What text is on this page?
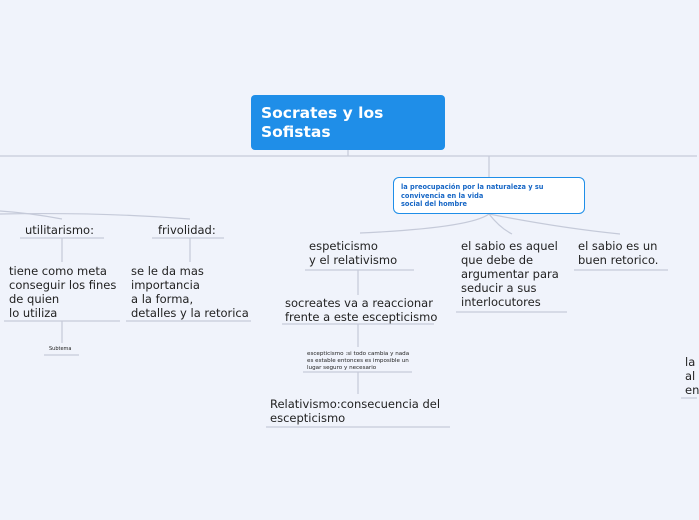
Socrates y los Sofistas
la preocupación por la naturaleza y su
convivencia en la vida
social del hombre
utilitarismo:
tiene como meta
conseguir los fines
de quien
lo utiliza
Subtema
frivolidad:
se le da mas
importancia
a la forma,
detalles y la retorica
espeticismo
y el relativismo
socreates va a reaccionar
frente a este escepticismo
escepticismo :si todo cambia y nada
es estable entonces es imposible un
lugar seguro y necesario
Relativismo:consecuencia del
escepticismo
el sabio es aquel
que debe de
argumentar para
seducir a sus
interlocutores
el sabio es un
buen retorico.
la
al
en
